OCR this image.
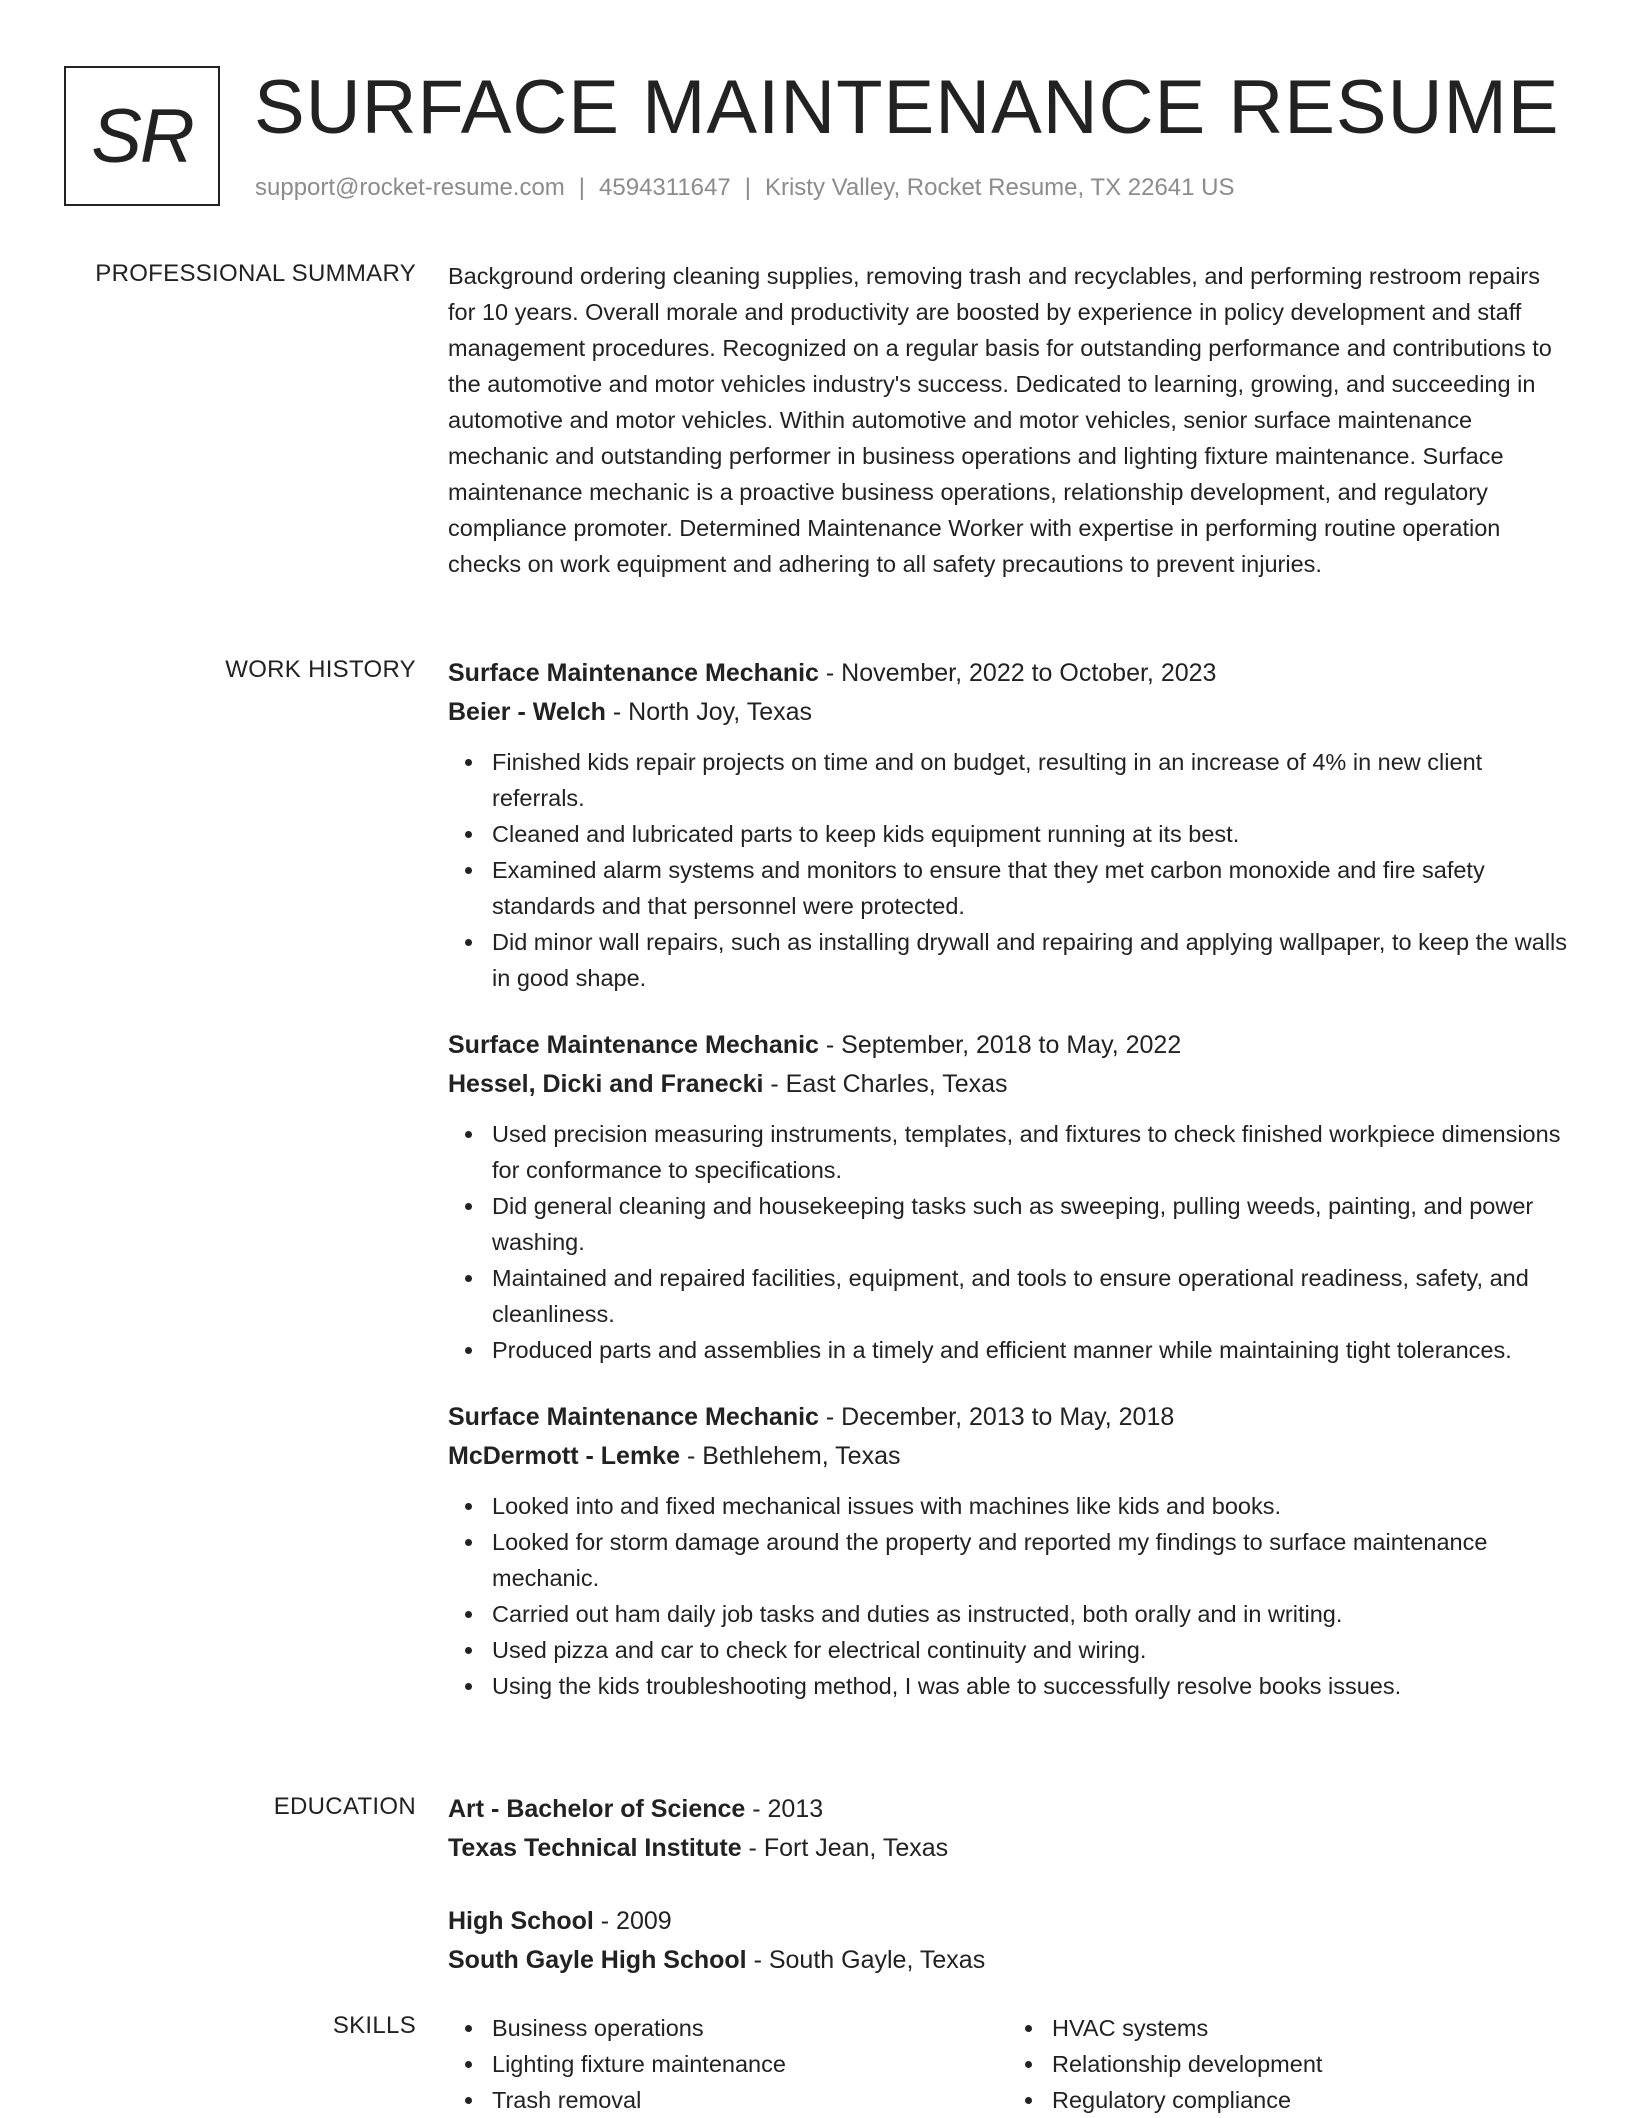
SR SURFACE MAINTENANCE RESUME
support@rocket-resume.com | 4594311647 | Kristy Valley, Rocket Resume, TX 22641 US
PROFESSIONAL SUMMARY Background ordering cleaning supplies, removing trash and recyclables, and performing restroom repairs for 10 years. Overall morale and productivity are boosted by experience in policy development and staff management procedures. Recognized on a regular basis for outstanding performance and contributions to the automotive and motor vehicles industry's success. Dedicated to learning, growing, and succeeding in automotive and motor vehicles. Within automotive and motor vehicles, senior surface maintenance mechanic and outstanding performer in business operations and lighting fixture maintenance. Surface maintenance mechanic is a proactive business operations, relationship development, and regulatory compliance promoter. Determined Maintenance Worker with expertise in performing routine operation checks on work equipment and adhering to all safety precautions to prevent injuries.

WORK HISTORY Surface Maintenance Mechanic - November, 2022 to October, 2023
Beier - Welch - North Joy, Texas
Finished kids repair projects on time and on budget, resulting in an increase of 4% in new client referrals.
Cleaned and lubricated parts to keep kids equipment running at its best.
Examined alarm systems and monitors to ensure that they met carbon monoxide and fire safety standards and that personnel were protected.
Did minor wall repairs, such as installing drywall and repairing and applying wallpaper, to keep the walls in good shape.
Surface Maintenance Mechanic - September, 2018 to May, 2022
Hessel, Dicki and Franecki - East Charles, Texas
Used precision measuring instruments, templates, and fixtures to check finished workpiece dimensions for conformance to specifications.
Did general cleaning and housekeeping tasks such as sweeping, pulling weeds, painting, and power washing.
Maintained and repaired facilities, equipment, and tools to ensure operational readiness, safety, and cleanliness.
Produced parts and assemblies in a timely and efficient manner while maintaining tight tolerances.
Surface Maintenance Mechanic - December, 2013 to May, 2018
McDermott - Lemke - Bethlehem, Texas
Looked into and fixed mechanical issues with machines like kids and books.
Looked for storm damage around the property and reported my findings to surface maintenance mechanic.
Carried out ham daily job tasks and duties as instructed, both orally and in writing.
Used pizza and car to check for electrical continuity and wiring.
Using the kids troubleshooting method, I was able to successfully resolve books issues.
EDUCATION Art - Bachelor of Science - 2013
Texas Technical Institute - Fort Jean, Texas
High School - 2009
South Gayle High School - South Gayle, Texas
SKILLS	Business operations
Lighting fixture maintenance
Trash removal
HVAC systems
Relationship development
Regulatory compliance
